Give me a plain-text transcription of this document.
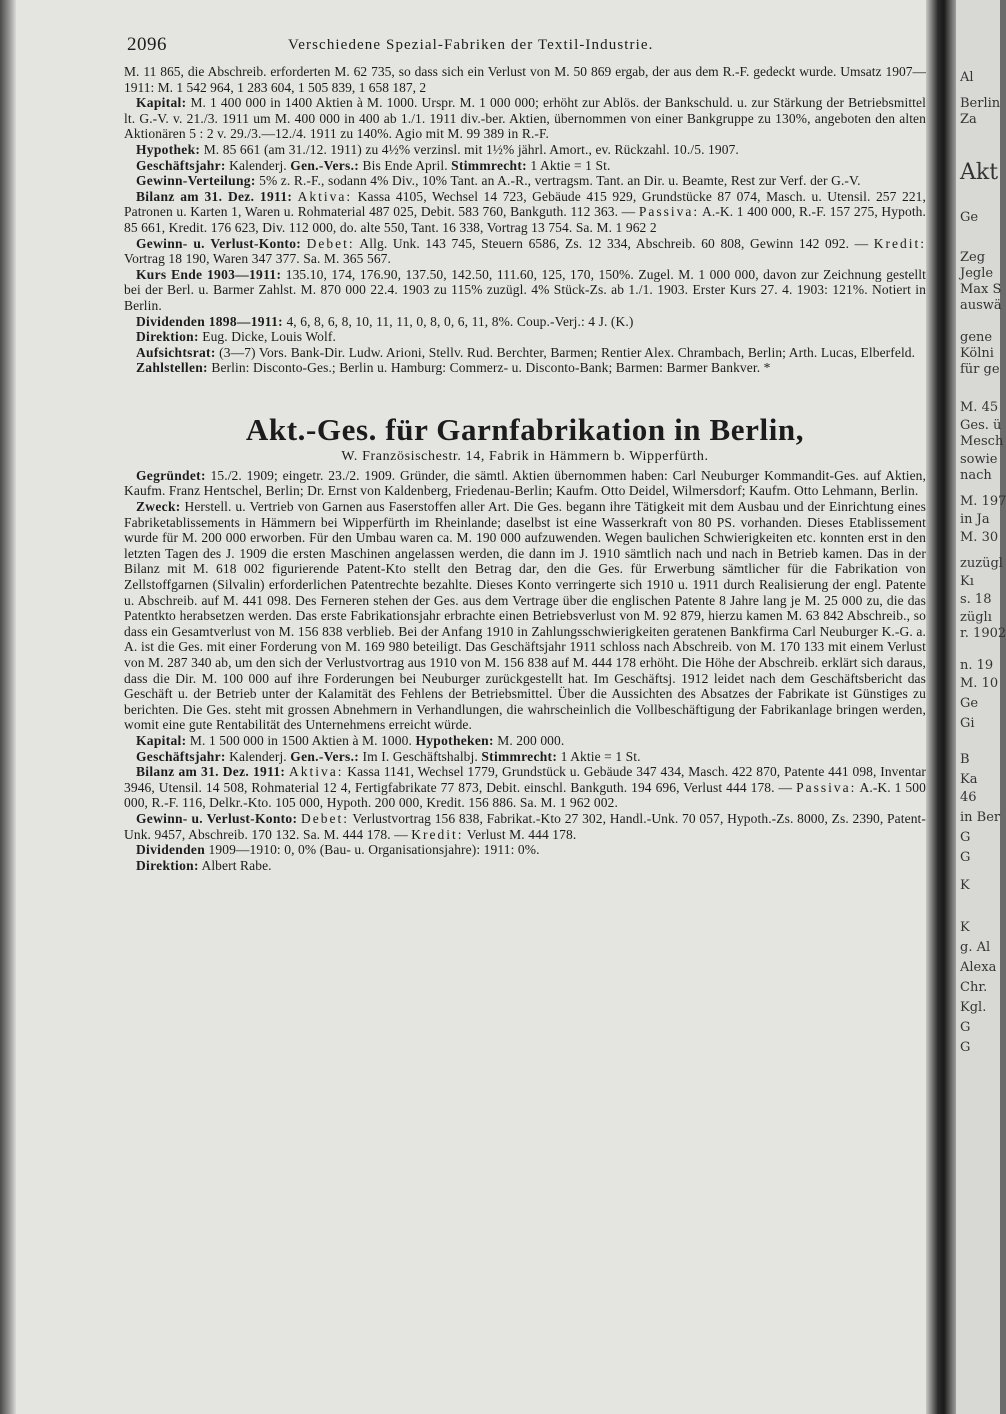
2096	Verschiedene Spezial-Fabriken der Textil-Industrie.

M. 11 865, die Abschreib. erforderten M. 62 735, so dass sich ein Verlust von M. 50 869 ergab, der aus dem R.-F. gedeckt wurde. Umsatz 1907—1911: M. 1 542 964, 1 283 604, 1 505 839, 1 658 187, 2

Kapital: M. 1 400 000 in 1400 Aktien à M. 1000. Urspr. M. 1 000 000; erhöht zur Ablös. der Bankschuld. u. zur Stärkung der Betriebsmittel lt. G.-V. v. 21./3. 1911 um M. 400 000 in 400 ab 1./1. 1911 div.-ber. Aktien, übernommen von einer Bankgruppe zu 130%, angeboten den alten Aktionären 5 : 2 v. 29./3.—12./4. 1911 zu 140%. Agio mit M. 99 389 in R.-F.

Hypothek: M. 85 661 (am 31./12. 1911) zu 4½% verzinsl. mit 1½% jährl. Amort., ev. Rückzahl. 10./5. 1907.

Geschäftsjahr: Kalenderj. Gen.-Vers.: Bis Ende April. Stimmrecht: 1 Aktie = 1 St.

Gewinn-Verteilung: 5% z. R.-F., sodann 4% Div., 10% Tant. an A.-R., vertragsm. Tant. an Dir. u. Beamte, Rest zur Verf. der G.-V.

Bilanz am 31. Dez. 1911: Aktiva: Kassa 4105, Wechsel 14 723, Gebäude 415 929, Grundstücke 87 074, Masch. u. Utensil. 257 221, Patronen u. Karten 1, Waren u. Rohmaterial 487 025, Debit. 583 760, Bankguth. 112 363. — Passiva: A.-K. 1 400 000, R.-F. 157 275, Hypoth. 85 661, Kredit. 176 623, Div. 112 000, do. alte 550, Tant. 16 338, Vortrag 13 754. Sa. M. 1 962 2

Gewinn- u. Verlust-Konto: Debet: Allg. Unk. 143 745, Steuern 6586, Zs. 12 334, Abschreib. 60 808, Gewinn 142 092. — Kredit: Vortrag 18 190, Waren 347 377. Sa. M. 365 567.

Kurs Ende 1903—1911: 135.10, 174, 176.90, 137.50, 142.50, 111.60, 125, 170, 150%. Zugel. M. 1 000 000, davon zur Zeichnung gestellt bei der Berl. u. Barmer Zahlst. M. 870 000 22.4. 1903 zu 115% zuzügl. 4% Stück-Zs. ab 1./1. 1903. Erster Kurs 27. 4. 1903: 121%. Notiert in Berlin.

Dividenden 1898—1911: 4, 6, 8, 6, 8, 10, 11, 11, 0, 8, 0, 6, 11, 8%. Coup.-Verj.: 4 J. (K.)

Direktion: Eug. Dicke, Louis Wolf.

Aufsichtsrat: (3—7) Vors. Bank-Dir. Ludw. Arioni, Stellv. Rud. Berchter, Barmen; Rentier Alex. Chrambach, Berlin; Arth. Lucas, Elberfeld.

Zahlstellen: Berlin: Disconto-Ges.; Berlin u. Hamburg: Commerz- u. Disconto-Bank; Barmen: Barmer Bankver. *

Akt.-Ges. für Garnfabrikation in Berlin,
W. Französischestr. 14, Fabrik in Hämmern b. Wipperfürth.

Gegründet: 15./2. 1909; eingetr. 23./2. 1909. Gründer, die sämtl. Aktien übernommen haben: Carl Neuburger Kommandit-Ges. auf Aktien, Kaufm. Franz Hentschel, Berlin; Dr. Ernst von Kaldenberg, Friedenau-Berlin; Kaufm. Otto Deidel, Wilmersdorf; Kaufm. Otto Lehmann, Berlin.

Zweck: Herstell. u. Vertrieb von Garnen aus Faserstoffen aller Art. Die Ges. begann ihre Tätigkeit mit dem Ausbau und der Einrichtung eines Fabriketablissements in Hämmern bei Wipperfürth im Rheinlande; daselbst ist eine Wasserkraft von 80 PS. vorhanden. Dieses Etablissement wurde für M. 200 000 erworben. Für den Umbau waren ca. M. 190 000 aufzuwenden. Wegen baulichen Schwierigkeiten etc. konnten erst in den letzten Tagen des J. 1909 die ersten Maschinen angelassen werden, die dann im J. 1910 sämtlich nach und nach in Betrieb kamen. Das in der Bilanz mit M. 618 002 figurierende Patent-Kto stellt den Betrag dar, den die Ges. für Erwerbung sämtlicher für die Fabrikation von Zellstoffgarnen (Silvalin) erforderlichen Patentrechte bezahlte. Dieses Konto verringerte sich 1910 u. 1911 durch Realisierung der engl. Patente u. Abschreib. auf M. 441 098. Des Ferneren stehen der Ges. aus dem Vertrage über die englischen Patente 8 Jahre lang je M. 25 000 zu, die das Patentkto herabsetzen werden. Das erste Fabrikationsjahr erbrachte einen Betriebsverlust von M. 92 879, hierzu kamen M. 63 842 Abschreib., so dass ein Gesamtverlust von M. 156 838 verblieb. Bei der Anfang 1910 in Zahlungsschwierigkeiten geratenen Bankfirma Carl Neuburger K.-G. a. A. ist die Ges. mit einer Forderung von M. 169 980 beteiligt. Das Geschäftsjahr 1911 schloss nach Abschreib. von M. 170 133 mit einem Verlust von M. 287 340 ab, um den sich der Verlustvortrag aus 1910 von M. 156 838 auf M. 444 178 erhöht. Die Höhe der Abschreib. erklärt sich daraus, dass die Dir. M. 100 000 auf ihre Forderungen bei Neuburger zurückgestellt hat. Im Geschäftsj. 1912 leidet nach dem Geschäftsbericht das Geschäft u. der Betrieb unter der Kalamität des Fehlens der Betriebsmittel. Über die Aussichten des Absatzes der Fabrikate ist Günstiges zu berichten. Die Ges. steht mit grossen Abnehmern in Verhandlungen, die wahrscheinlich die Vollbeschäftigung der Fabrikanlage bringen werden, womit eine gute Rentabilität des Unternehmens erreicht würde.

Kapital: M. 1 500 000 in 1500 Aktien à M. 1000. Hypotheken: M. 200 000.

Geschäftsjahr: Kalenderj. Gen.-Vers.: Im I. Geschäftshalbj. Stimmrecht: 1 Aktie = 1 St.

Bilanz am 31. Dez. 1911: Aktiva: Kassa 1141, Wechsel 1779, Grundstück u. Gebäude 347 434, Masch. 422 870, Patente 441 098, Inventar 3946, Utensil. 14 508, Rohmaterial 12 4, Fertigfabrikate 77 873, Debit. einschl. Bankguth. 194 696, Verlust 444 178. — Passiva: A.-K. 1 500 000, R.-F. 116, Delkr.-Kto. 105 000, Hypoth. 200 000, Kredit. 156 886. Sa. M. 1 962 002.

Gewinn- u. Verlust-Konto: Debet: Verlustvortrag 156 838, Fabrikat.-Kto 27 302, Handl.-Unk. 70 057, Hypoth.-Zs. 8000, Zs. 2390, Patent-Unk. 9457, Abschreib. 170 132. Sa. M. 444 178. — Kredit: Verlust M. 444 178.

Dividenden 1909—1910: 0, 0% (Bau- u. Organisationsjahre): 1911: 0%.

Direktion: Albert Rabe.

Al
Berlin
Za
Akt
Ge
Zeg
Jegle
Max S
auswä
gene
Kölni
für ge
M. 45
Ges. ü
Mesch
sowie
nach
M. 197
in Ja
M. 30
zuzügl
Kı
s. 18
züglı
r. 1902
n. 19
M. 10
Ge
Gi
B
Ka
46
in Ber
G
G
K
K
g. Al
Alexa
Chr.
Kgl.
G
G
